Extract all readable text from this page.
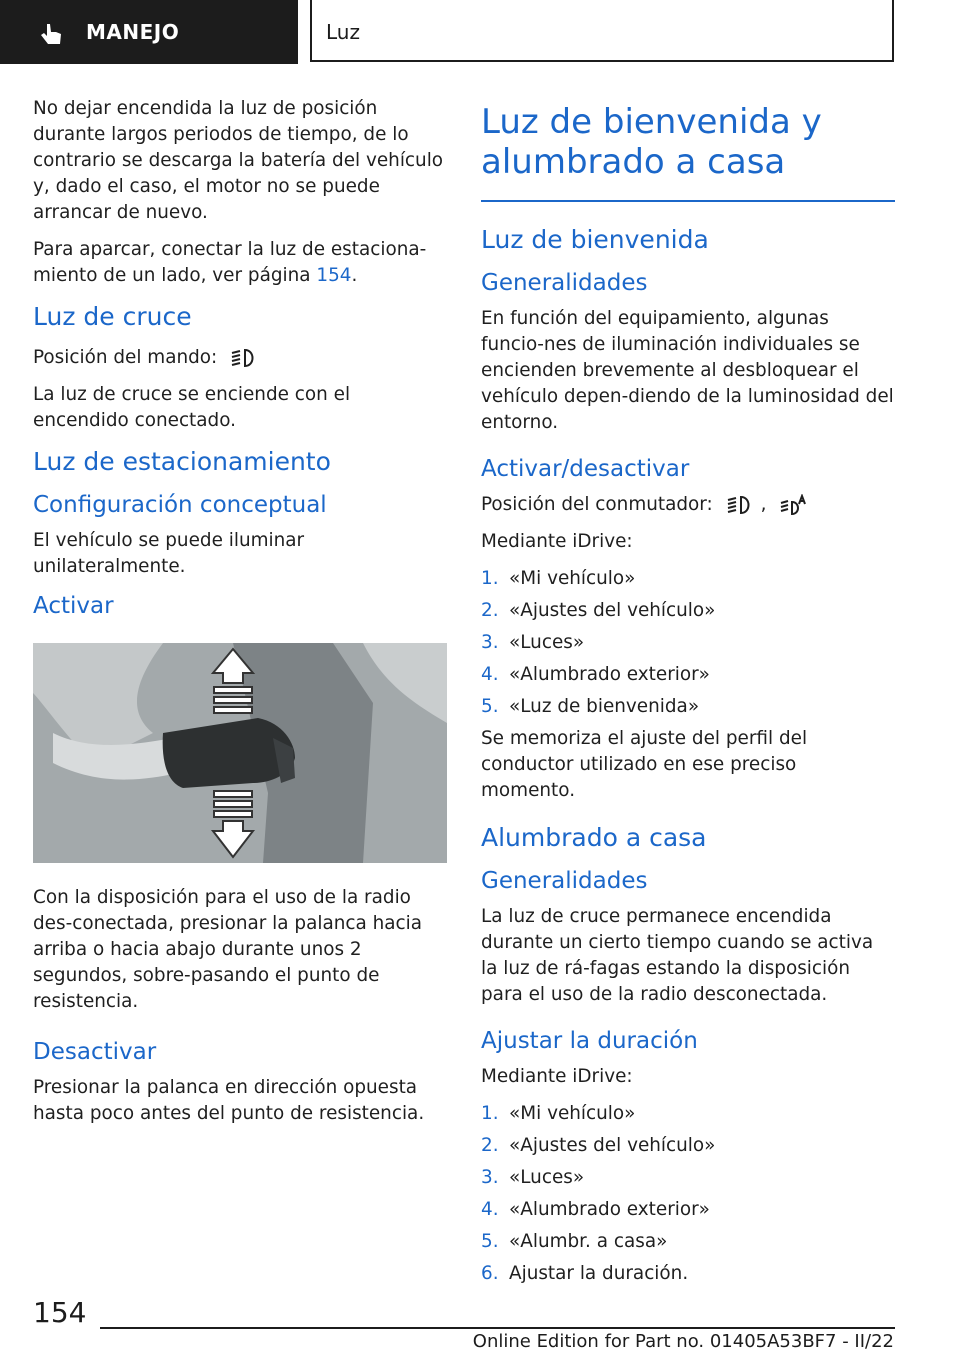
MANEJO	Luz

No dejar encendida la luz de posición durante largos periodos de tiempo, de lo contrario se descarga la batería del vehículo y, dado el caso, el motor no se puede arrancar de nuevo.

Para aparcar, conectar la luz de estaciona‐miento de un lado, ver página 154.

Luz de cruce

Posición del mando:

La luz de cruce se enciende con el encendido conectado.

Luz de estacionamiento
Configuración conceptual

El vehículo se puede iluminar unilateralmente.

Activar

Con la disposición para el uso de la radio des‐conectada, presionar la palanca hacia arriba o hacia abajo durante unos 2 segundos, sobre‐pasando el punto de resistencia.

Desactivar

Presionar la palanca en dirección opuesta hasta poco antes del punto de resistencia.

Luz de bienvenida y alumbrado a casa
Luz de bienvenida
Generalidades

En función del equipamiento, algunas funcio‐nes de iluminación individuales se encienden brevemente al desbloquear el vehículo depen‐diendo de la luminosidad del entorno.

Activar/desactivar

Posición del conmutador:	,

Mediante iDrive:

1. «Mi vehículo»
2. «Ajustes del vehículo»
3. «Luces»
4. «Alumbrado exterior»
5. «Luz de bienvenida»

Se memoriza el ajuste del perfil del conductor utilizado en ese preciso momento.

Alumbrado a casa
Generalidades

La luz de cruce permanece encendida durante un cierto tiempo cuando se activa la luz de rá‐fagas estando la disposición para el uso de la radio desconectada.

Ajustar la duración

Mediante iDrive:

1. «Mi vehículo»
2. «Ajustes del vehículo»
3. «Luces»
4. «Alumbrado exterior»
5. «Alumbr. a casa»
6. Ajustar la duración.
154
Online Edition for Part no. 01405A53BF7 - II/22
